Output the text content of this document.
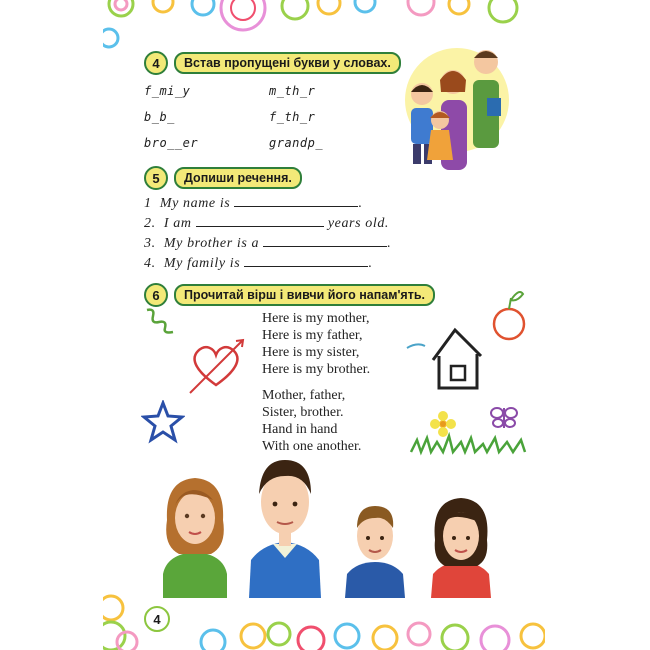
4	Встав пропущені букви у словах.
f_mi_y	m_th_r
b_b_	f_th_r
bro__er	grandp_
5	Допиши речення.
1 My name is	.
2. I am	years old.
3. My brother is a	.
4. My family is	.
6	Прочитай вірш і вивчи його напам'ять.
Here is my mother,
Here is my father,
Here is my sister,
Here is my brother.
Mother, father,
Sister, brother.
Hand in hand
With one another.
4
